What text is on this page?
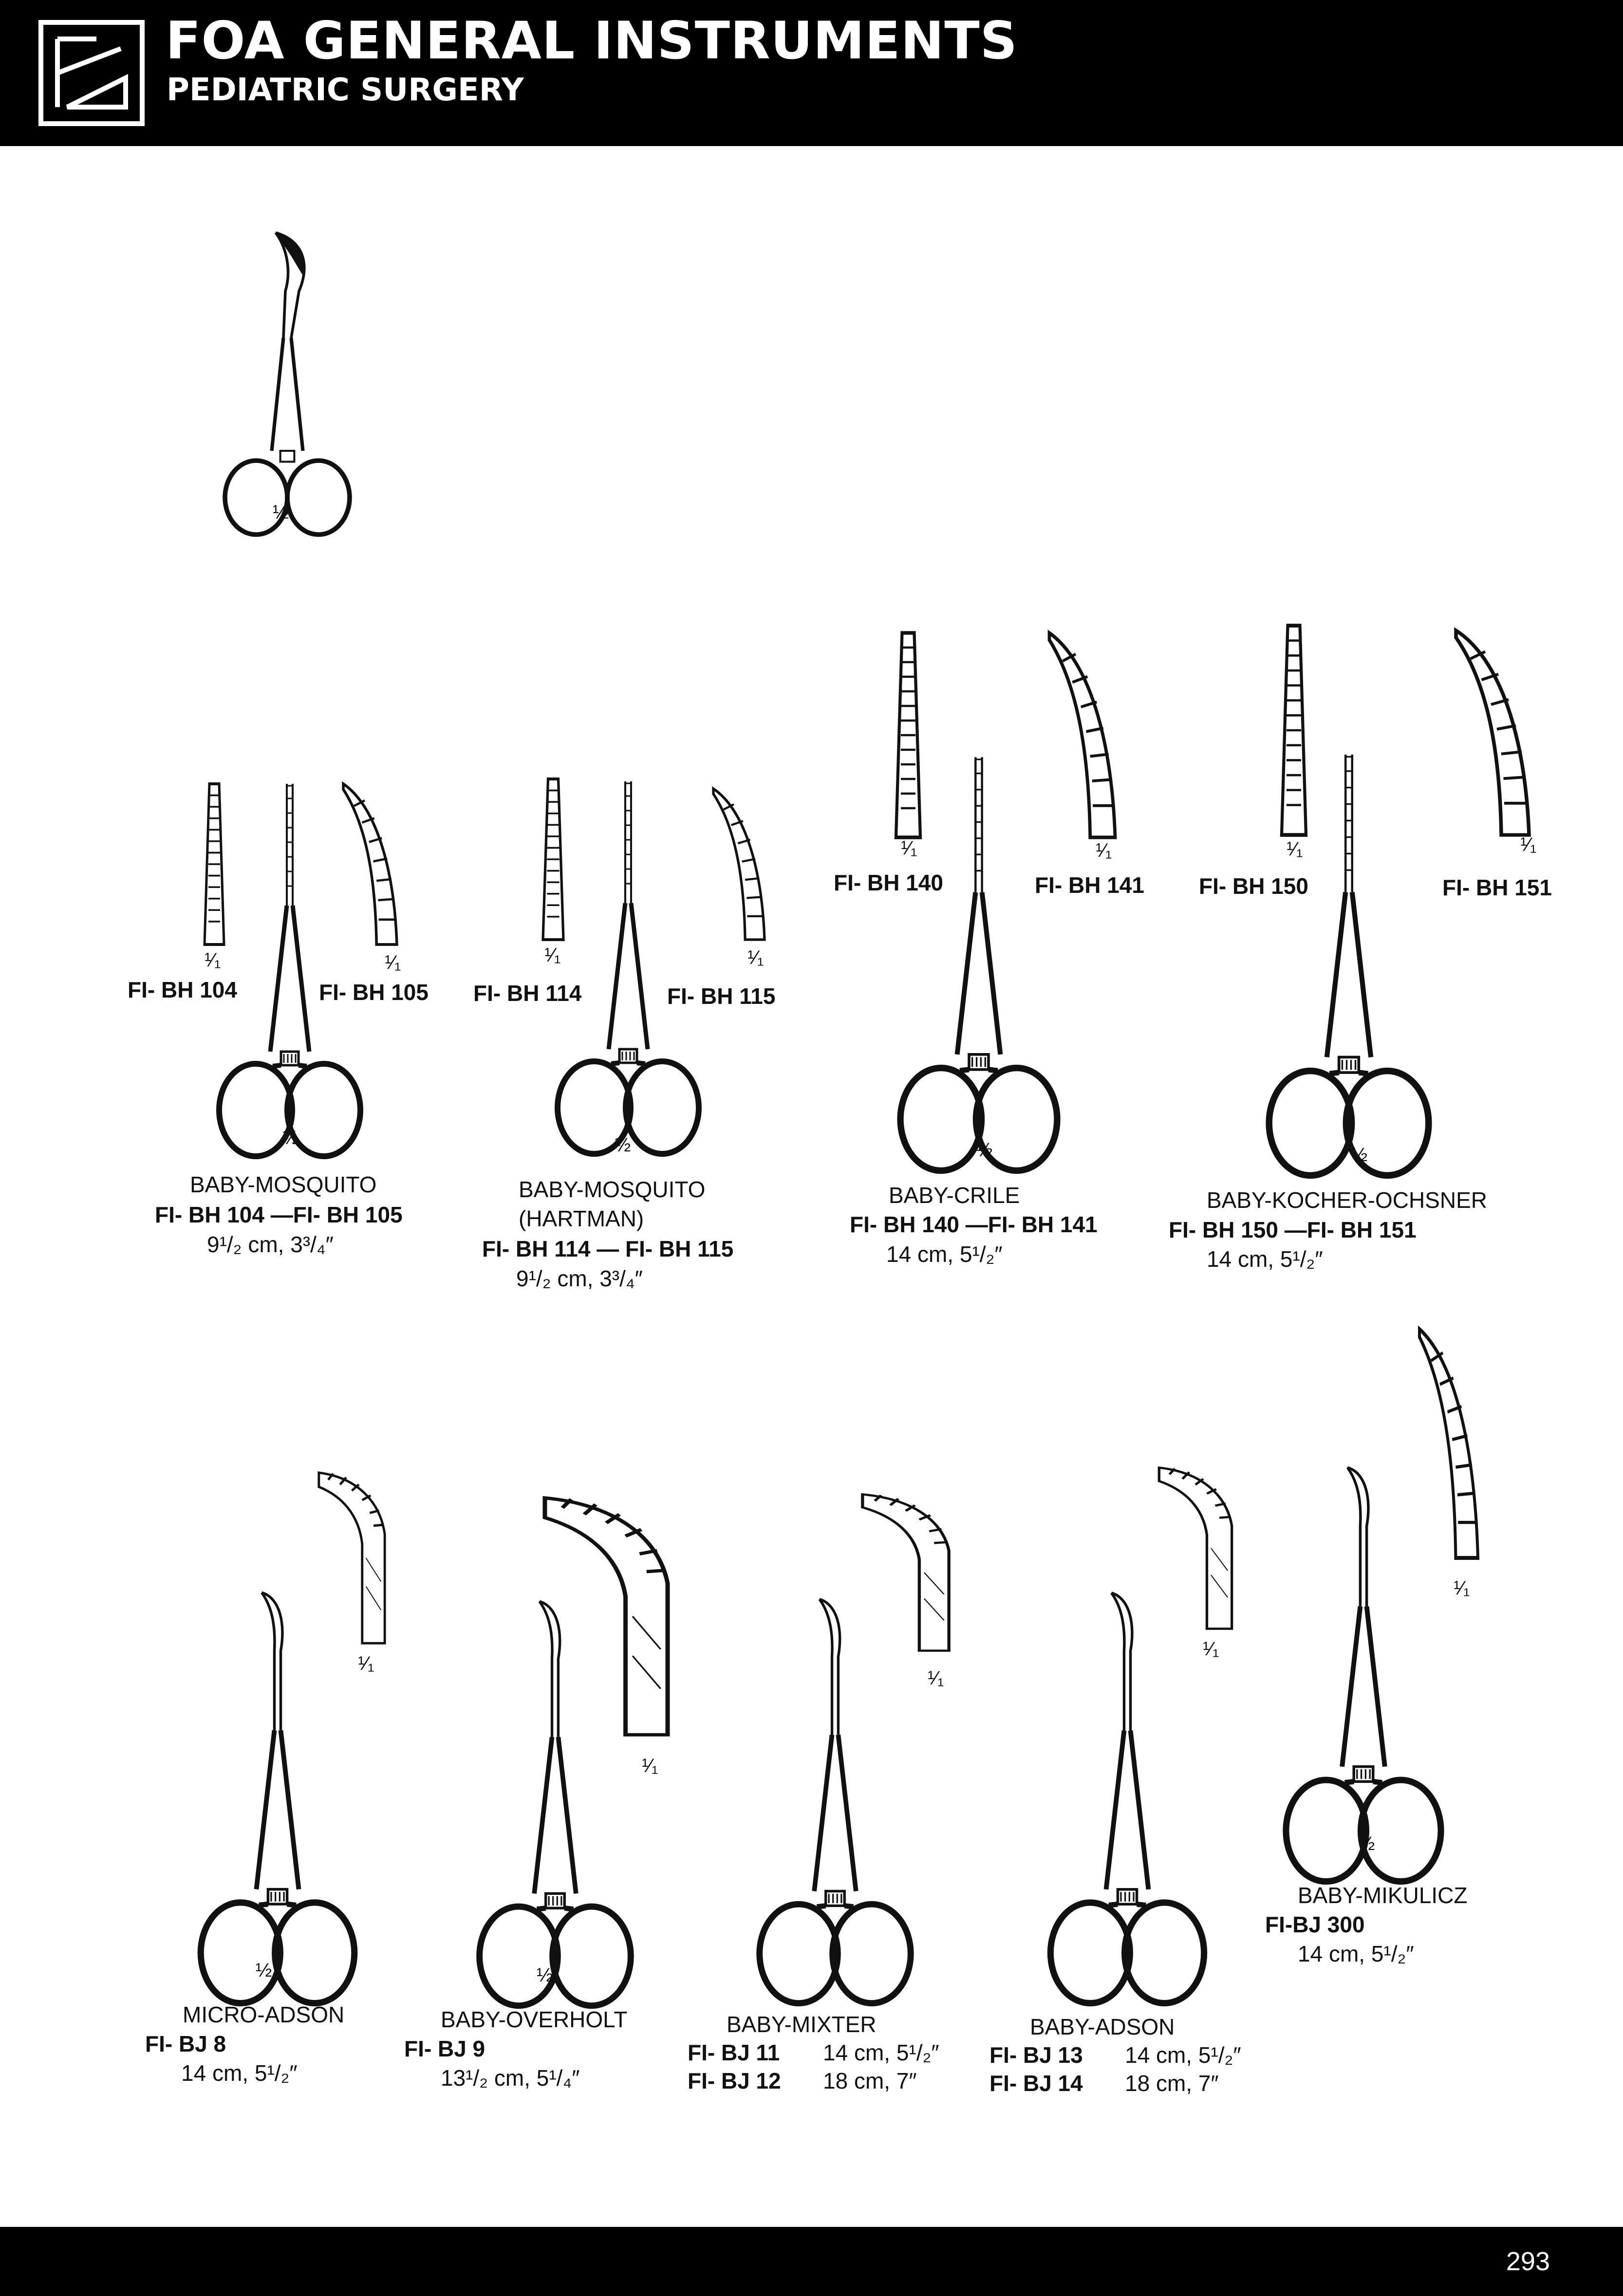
FOA GENERAL INSTRUMENTS
PEDIATRIC SURGERY
½
¹⁄₁	¹⁄₁
FI- BH 104	FI- BH 105
½
BABY-MOSQUITO
FI- BH 104 —FI- BH 105
9¹/₂ cm, 3³/₄″
¹⁄₁	¹⁄₁
FI- BH 114	FI- BH 115
½
BABY-MOSQUITO
(HARTMAN)
FI- BH 114 — FI- BH 115
9¹/₂ cm, 3³/₄″
¹⁄₁	¹⁄₁
FI- BH 140	FI- BH 141
½
BABY-CRILE
FI- BH 140 —FI- BH 141
14 cm, 5¹/₂″
¹⁄₁	¹⁄₁
FI- BH 150	FI- BH 151
½
BABY-KOCHER-OCHSNER
FI- BH 150 —FI- BH 151
14 cm, 5¹/₂″
¹⁄₁
½
MICRO-ADSON
FI- BJ 8
14 cm, 5¹/₂″
¹⁄₁
½
BABY-OVERHOLT
FI- BJ 9
13¹/₂ cm, 5¹/₄″
¹⁄₁
BABY-MIXTER
FI- BJ 11 14 cm, 5¹/₂″
FI- BJ 12 18 cm, 7″
¹⁄₁
BABY-ADSON
FI- BJ 13 14 cm, 5¹/₂″
FI- BJ 14 18 cm, 7″
¹⁄₁
½
BABY-MIKULICZ
FI-BJ 300
14 cm, 5¹/₂″
293
